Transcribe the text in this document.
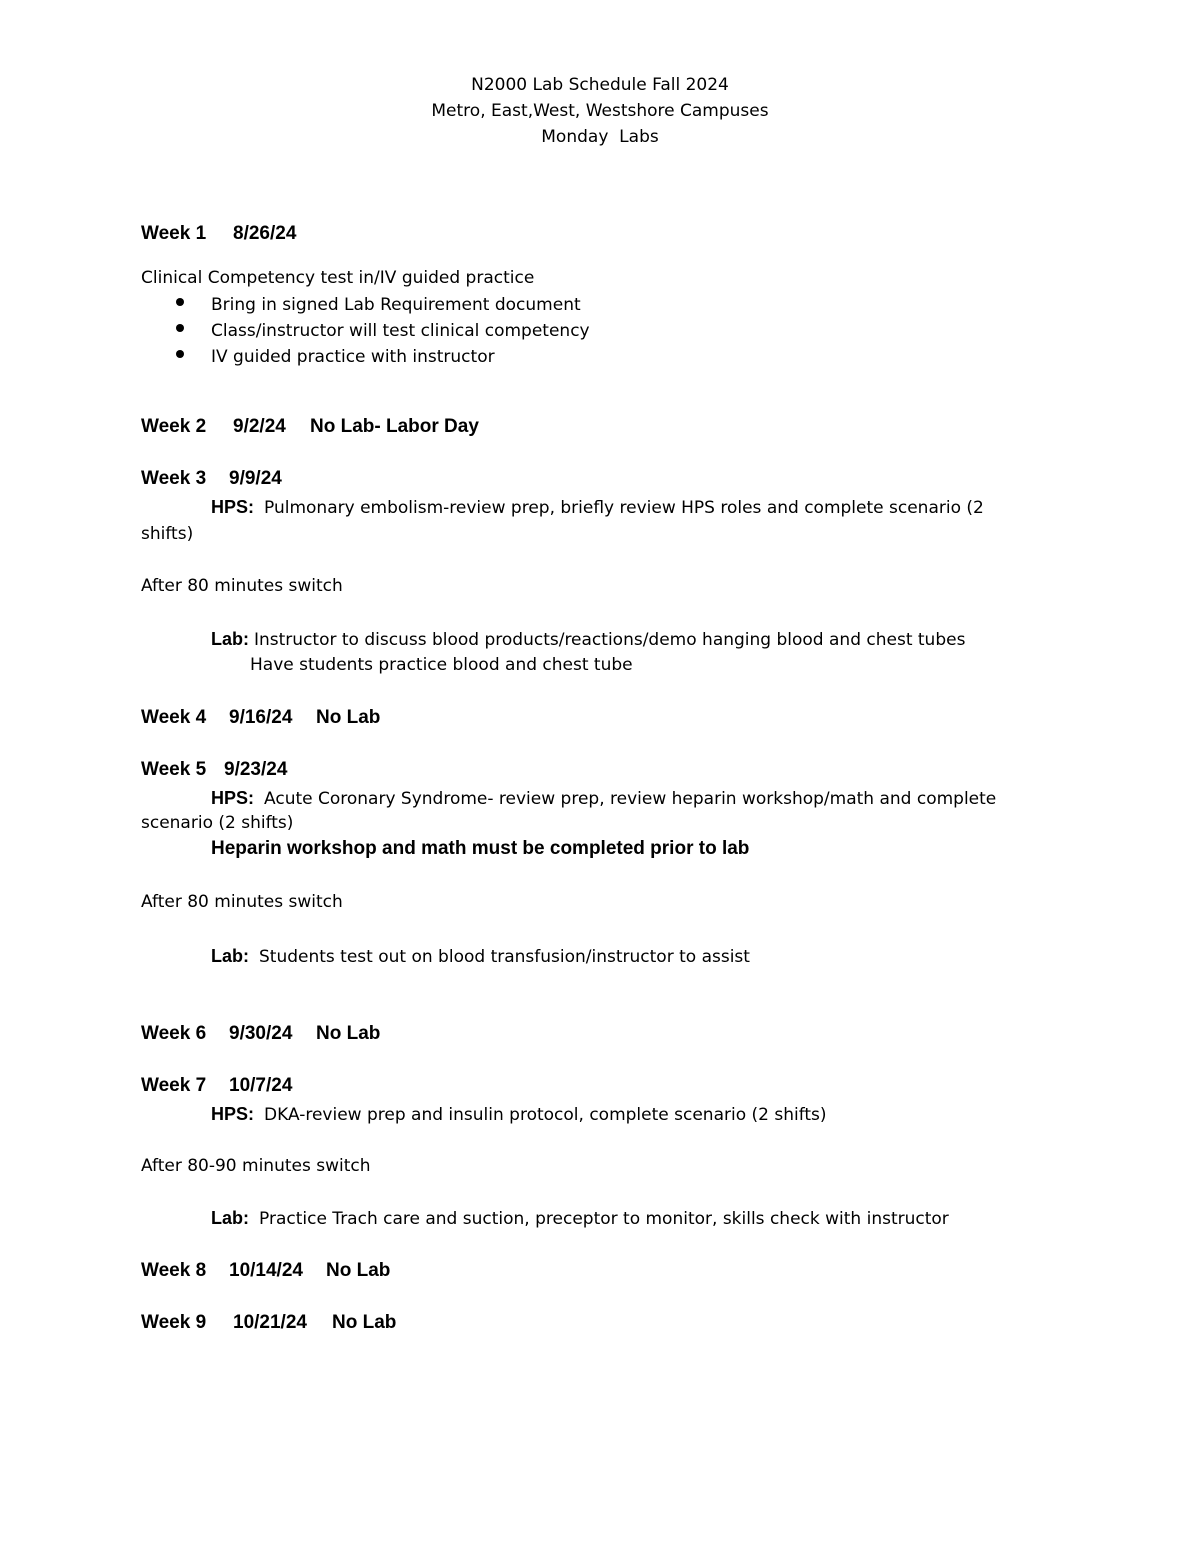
N2000 Lab Schedule Fall 2024
Metro, East,West, Westshore Campuses
Monday  Labs
Week 1 8/26/24
Clinical Competency test in/IV guided practice
Bring in signed Lab Requirement document
Class/instructor will test clinical competency
IV guided practice with instructor
Week 2 9/2/24 No Lab- Labor Day
Week 3 9/9/24
HPS: Pulmonary embolism-review prep, briefly review HPS roles and complete scenario (2
shifts)
After 80 minutes switch
Lab: Instructor to discuss blood products/reactions/demo hanging blood and chest tubes
Have students practice blood and chest tube
Week 4 9/16/24 No Lab
Week 5 9/23/24
HPS: Acute Coronary Syndrome- review prep, review heparin workshop/math and complete
scenario (2 shifts)
Heparin workshop and math must be completed prior to lab
After 80 minutes switch
Lab: Students test out on blood transfusion/instructor to assist
Week 6 9/30/24 No Lab
Week 7 10/7/24
HPS: DKA-review prep and insulin protocol, complete scenario (2 shifts)
After 80-90 minutes switch
Lab: Practice Trach care and suction, preceptor to monitor, skills check with instructor
Week 8 10/14/24 No Lab
Week 9 10/21/24 No Lab
